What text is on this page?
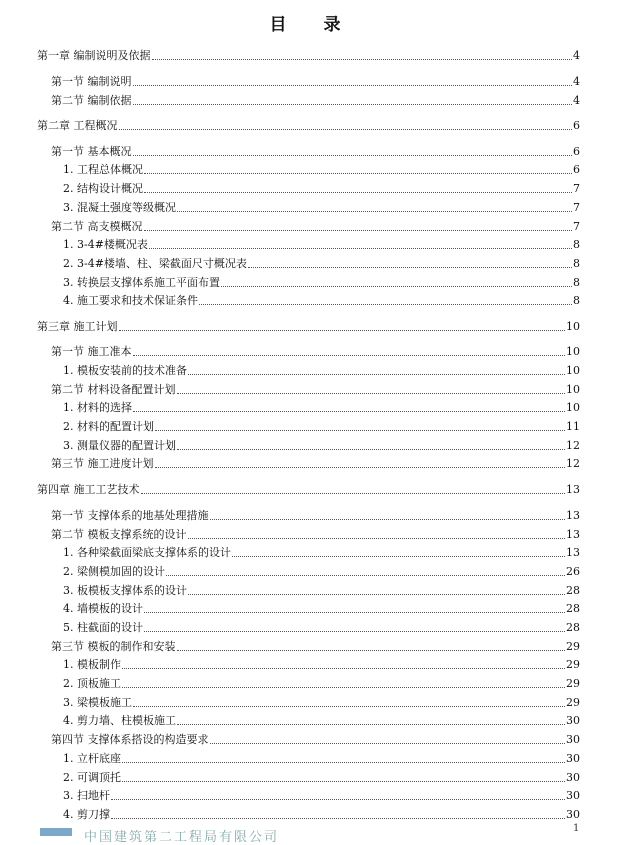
目　录
第一章 编制说明及依据	4
第一节 编制说明	4
第二节 编制依据	4
第二章 工程概况	6
第一节 基本概况	6
1. 工程总体概况	6
2. 结构设计概况	7
3. 混凝土强度等级概况	7
第二节 高支模概况	7
1. 3-4#楼概况表	8
2. 3-4#楼墙、柱、梁截面尺寸概况表	8
3. 转换层支撑体系施工平面布置	8
4. 施工要求和技术保证条件	8
第三章 施工计划	10
第一节 施工准本	10
1. 模板安装前的技术准备	10
第二节 材料设备配置计划	10
1. 材料的选择	10
2. 材料的配置计划	11
3. 测量仪器的配置计划	12
第三节 施工进度计划	12
第四章 施工工艺技术	13
第一节 支撑体系的地基处理措施	13
第二节 模板支撑系统的设计	13
1. 各种梁截面梁底支撑体系的设计	13
2. 梁侧模加固的设计	26
3. 板模板支撑体系的设计	28
4. 墙模板的设计	28
5. 柱截面的设计	28
第三节 模板的制作和安装	29
1. 模板制作	29
2. 顶板施工	29
3. 梁模板施工	29
4. 剪力墙、柱模板施工	30
第四节 支撑体系搭设的构造要求	30
1. 立杆底座	30
2. 可调顶托	30
3. 扫地杆	30
4. 剪刀撑	30
中国建筑第二工程局有限公司
1
